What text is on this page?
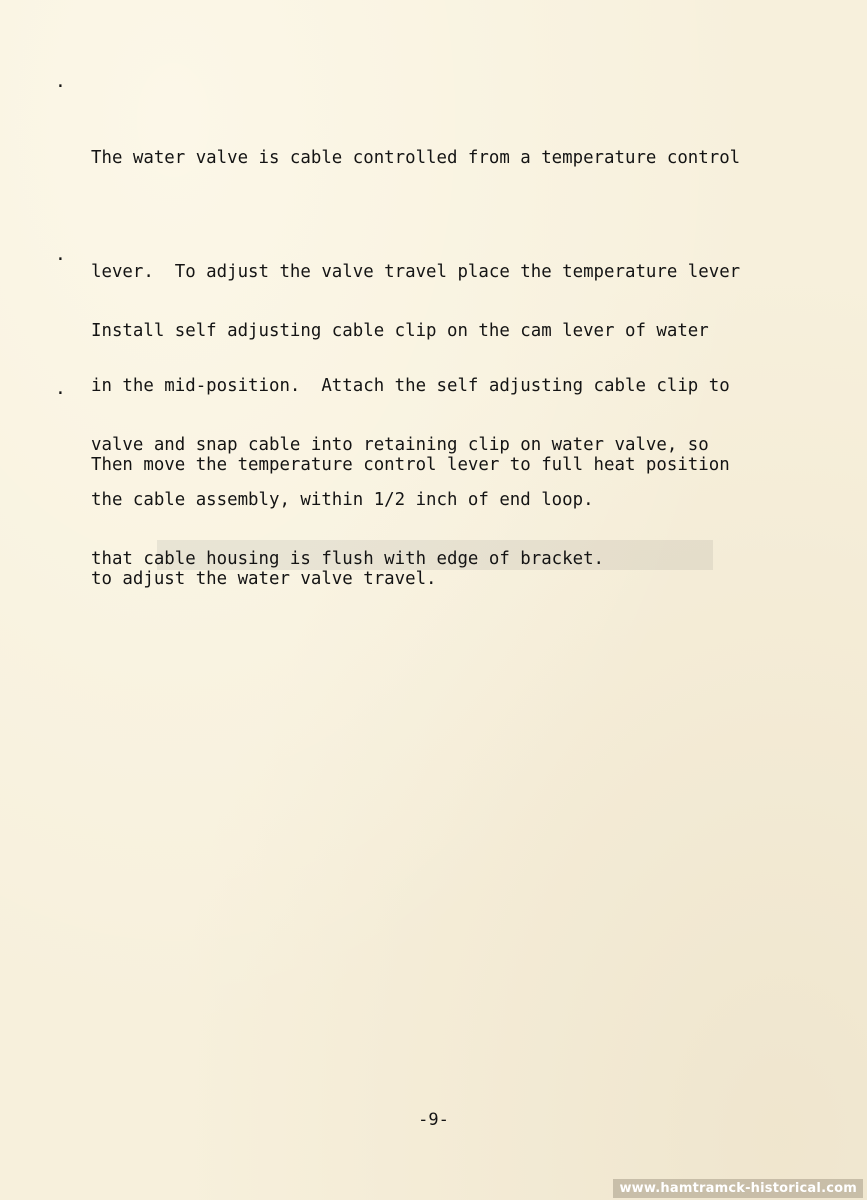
.

The water valve is cable controlled from a temperature control

lever.  To adjust the valve travel place the temperature lever

in the mid-position.  Attach the self adjusting cable clip to

the cable assembly, within 1/2 inch of end loop.

.

Install self adjusting cable clip on the cam lever of water

valve and snap cable into retaining clip on water valve, so

that cable housing is flush with edge of bracket.

.

Then move the temperature control lever to full heat position

to adjust the water valve travel.

-9-
www.hamtramck-historical.com
